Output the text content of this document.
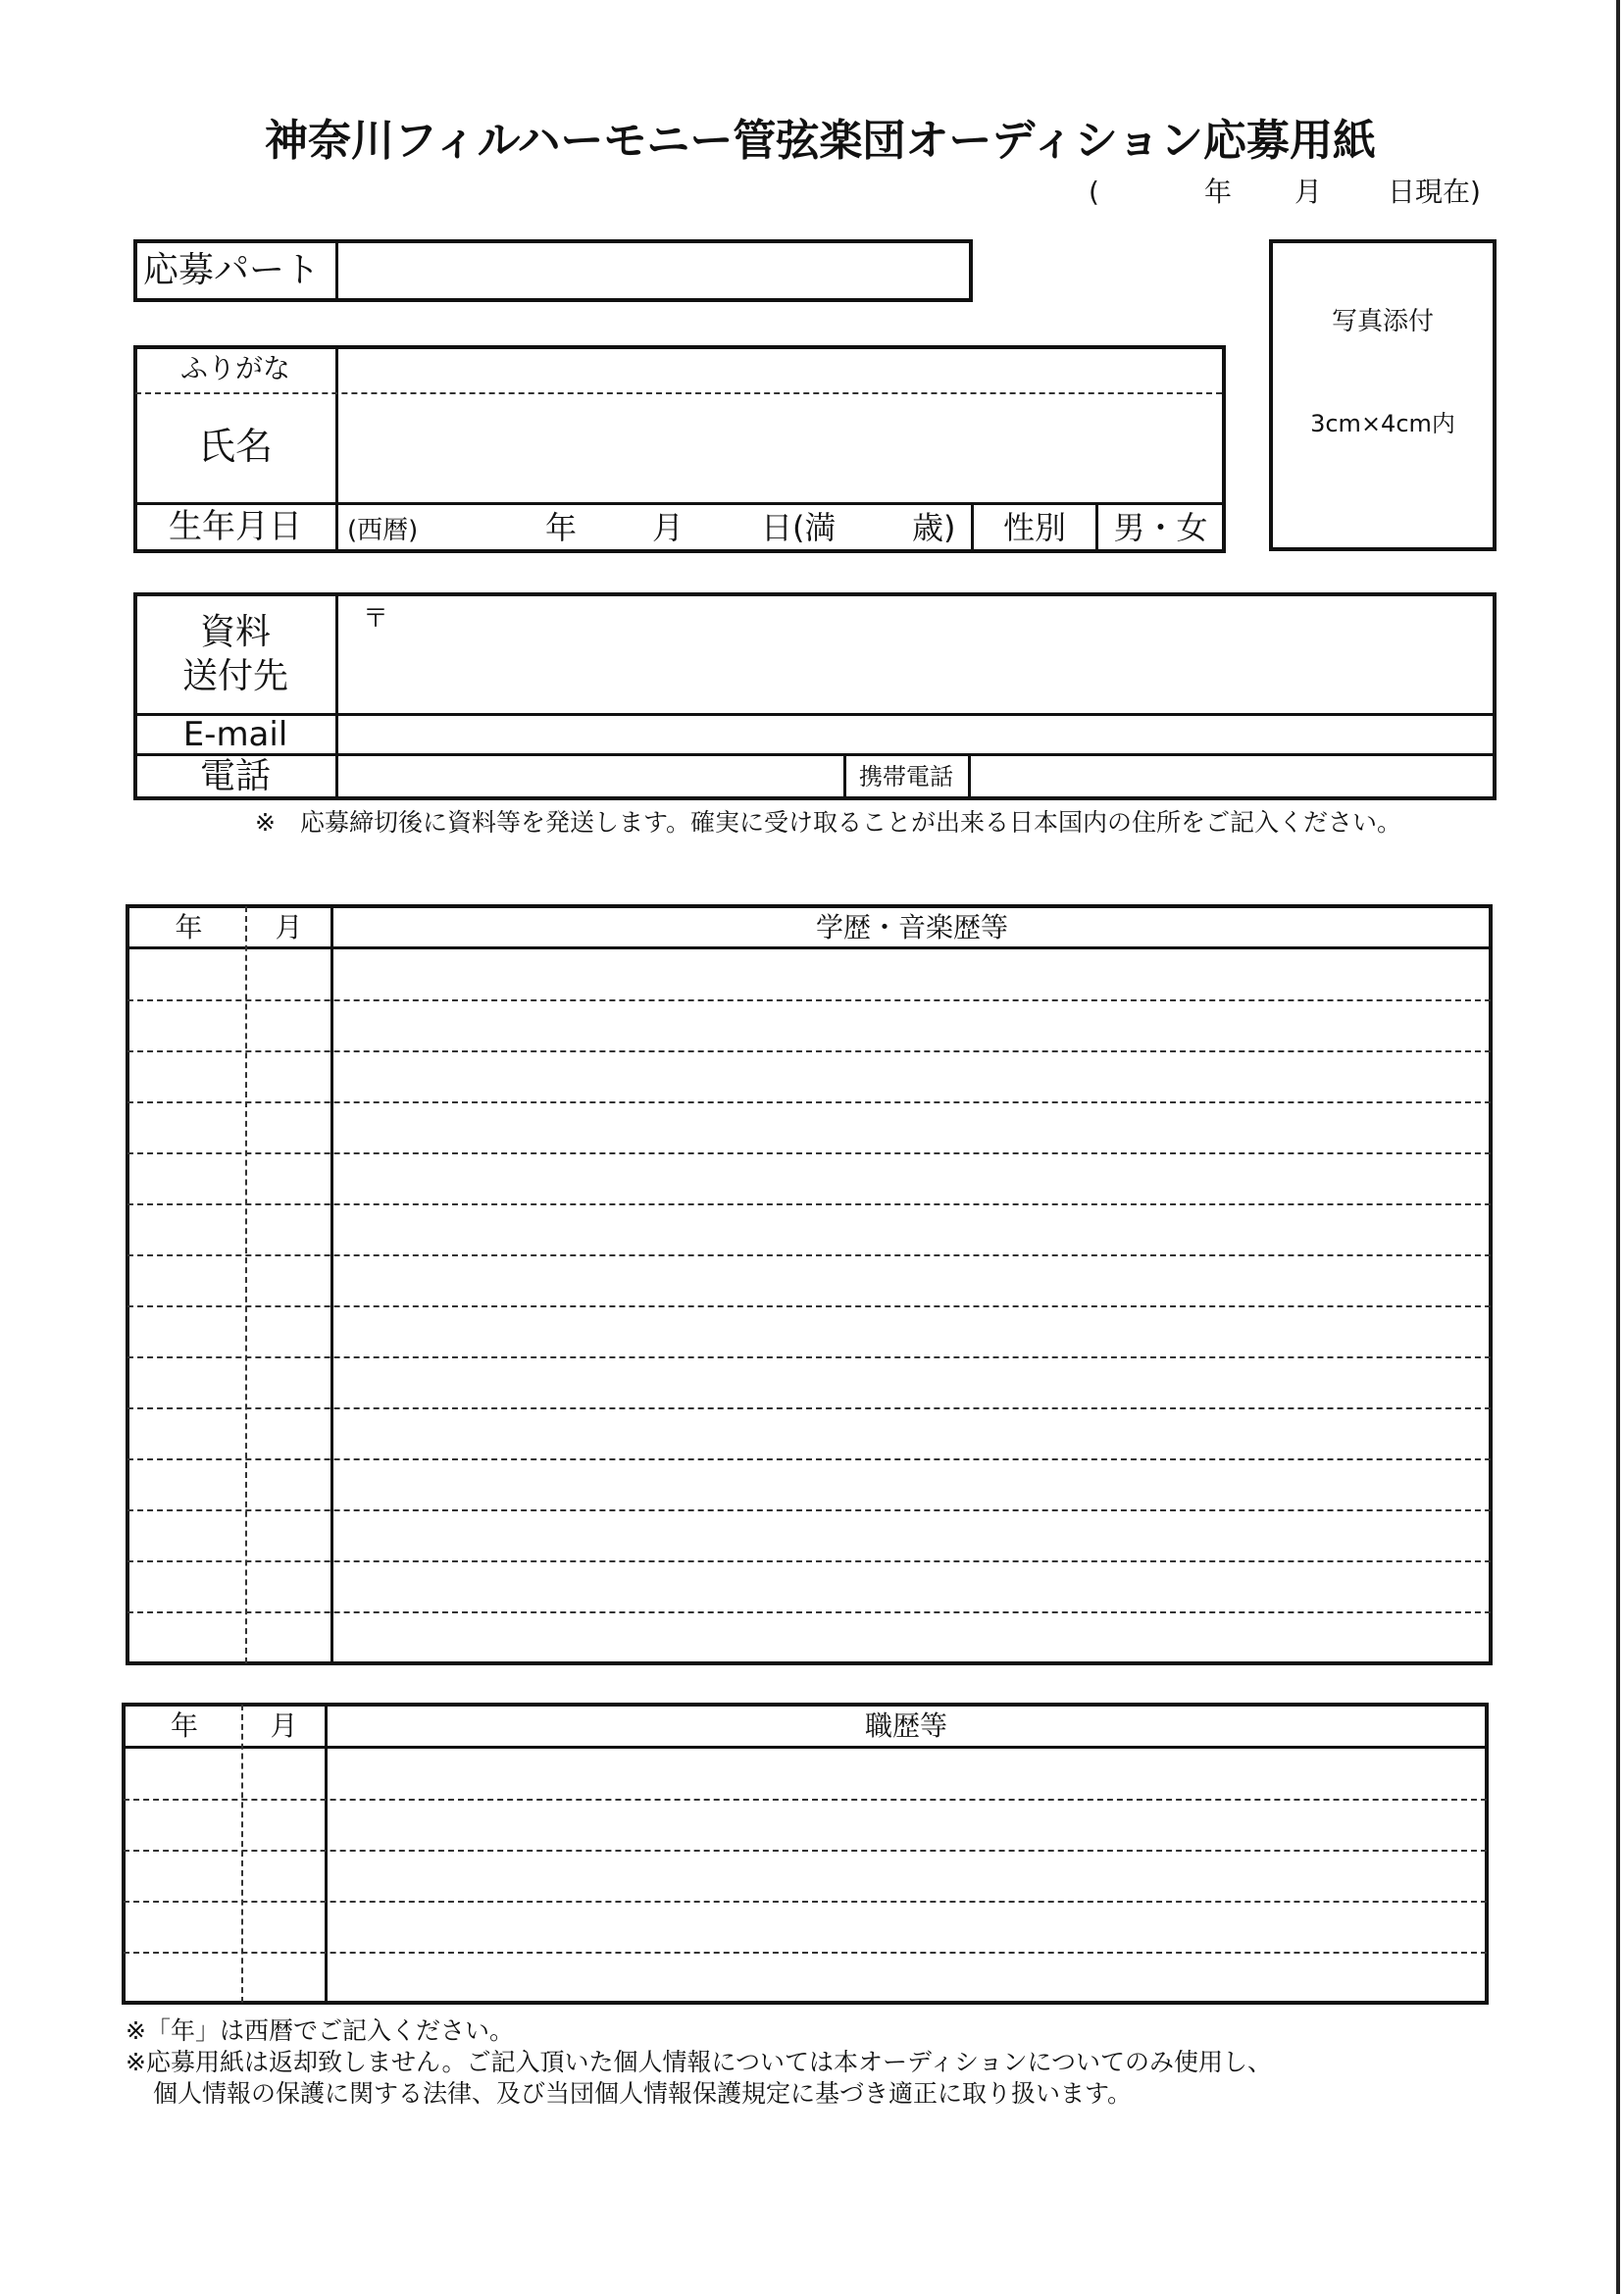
神奈川フィルハーモニー管弦楽団オーディション応募用紙
(	年 月 日現在)
応募パート
写真添付
3cm×4cm内
ふりがな
氏名
生年月日	(西暦)	年 月 日(満 歳)	性別	男・女
資料
送付先
〒
E-mail
電話	携帯電話
※　応募締切後に資料等を発送します。確実に受け取ることが出来る日本国内の住所をご記入ください。
年	月	学歴・音楽歴等
年	月	職歴等
※「年」は西暦でご記入ください。
※応募用紙は返却致しません。ご記入頂いた個人情報については本オーディションについてのみ使用し、
個人情報の保護に関する法律、及び当団個人情報保護規定に基づき適正に取り扱います。
